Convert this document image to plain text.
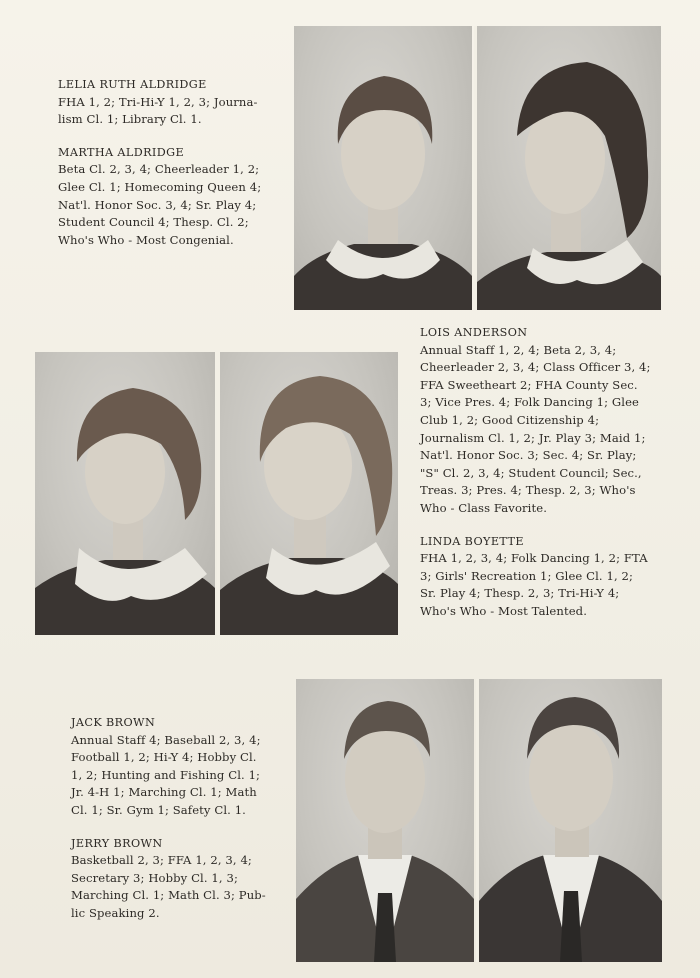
LELIA RUTH ALDRIDGE
FHA 1, 2; Tri-Hi-Y 1, 2, 3; Journa-lism Cl. 1; Library Cl. 1.
MARTHA ALDRIDGE
Beta Cl. 2, 3, 4; Cheerleader 1, 2; Glee Cl. 1; Homecoming Queen 4; Nat'l. Honor Soc. 3, 4; Sr. Play 4; Student Council 4; Thesp. Cl. 2; Who's Who - Most Congenial.
LOIS ANDERSON
Annual Staff 1, 2, 4; Beta 2, 3, 4; Cheerleader 2, 3, 4; Class Officer 3, 4; FFA Sweetheart 2; FHA County Sec. 3; Vice Pres. 4; Folk Dancing 1; Glee Club 1, 2; Good Citizenship 4; Journalism Cl. 1, 2; Jr. Play 3; Maid 1; Nat'l. Honor Soc. 3; Sec. 4; Sr. Play; "S" Cl. 2, 3, 4; Student Council; Sec., Treas. 3; Pres. 4; Thesp. 2, 3; Who's Who - Class Favorite.
LINDA BOYETTE
FHA 1, 2, 3, 4; Folk Dancing 1, 2; FTA 3; Girls' Recreation 1; Glee Cl. 1, 2; Sr. Play 4; Thesp. 2, 3; Tri-Hi-Y 4; Who's Who - Most Talented.
JACK BROWN
Annual Staff 4; Baseball 2, 3, 4; Football 1, 2; Hi-Y 4; Hobby Cl. 1, 2; Hunting and Fishing Cl. 1; Jr. 4-H 1; Marching Cl. 1; Math Cl. 1; Sr. Gym 1; Safety Cl. 1.
JERRY BROWN
Basketball 2, 3; FFA 1, 2, 3, 4; Secretary 3; Hobby Cl. 1, 3; Marching Cl. 1; Math Cl. 3; Pub-lic Speaking 2.
